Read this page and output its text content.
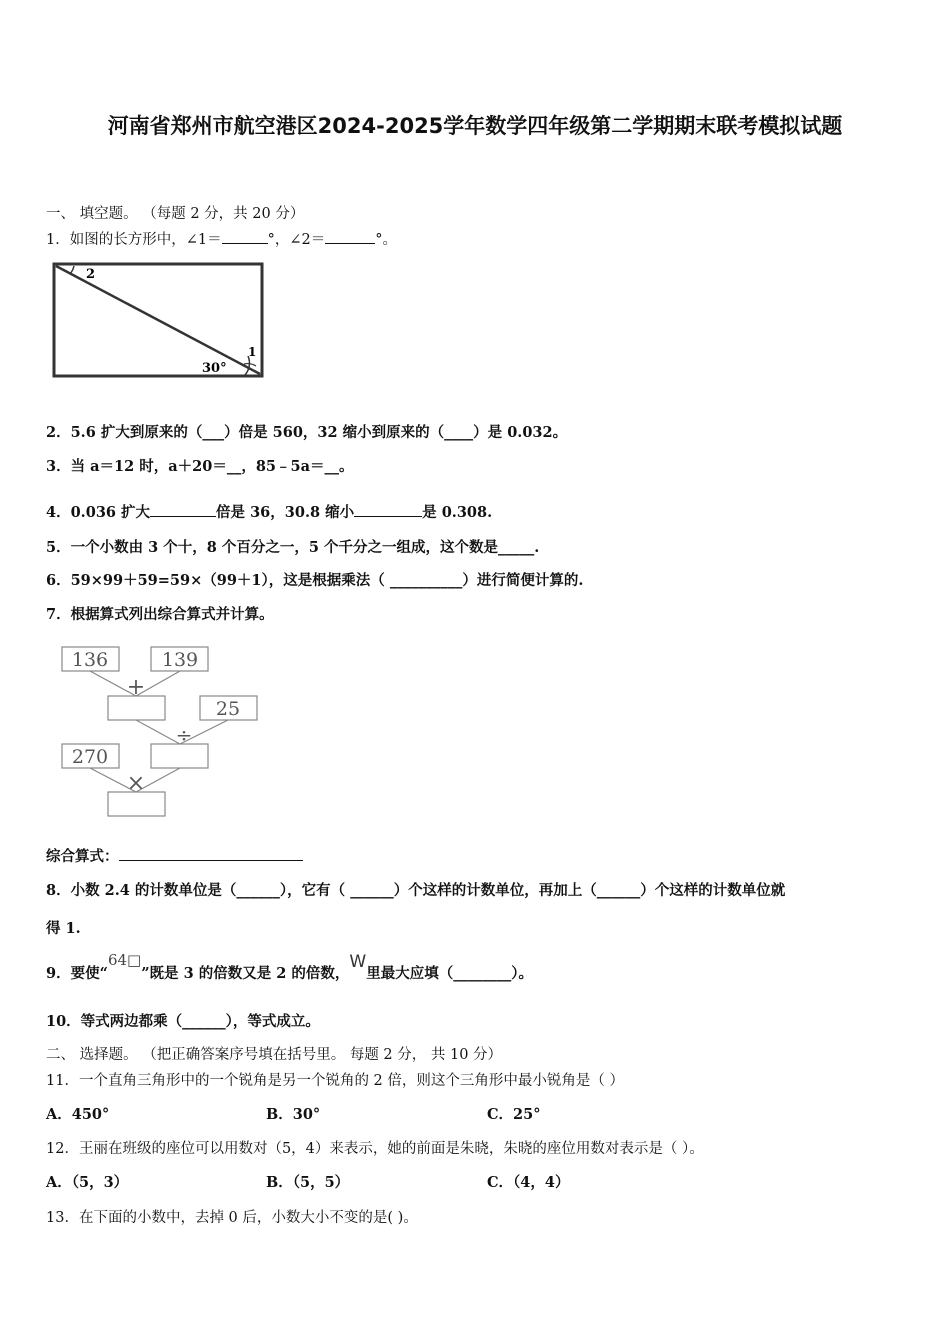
河南省郑州市航空港区2024-2025学年数学四年级第二学期期末联考模拟试题
一、 填空题。 （每题 2 分，共 20 分）
1．如图的长方形中，∠1＝	°，∠2＝	°。
2
1
30°
2．5.6 扩大到原来的（___）倍是 560，32 缩小到原来的（____）是 0.032。
3．当 a＝12 时，a＋20＝__，85﹣5a＝__。
4．0.036 扩大	倍是 36，30.8 缩小	是 0.308.
5．一个小数由 3 个十，8 个百分之一，5 个千分之一组成，这个数是_____.
6．59×99＋59=59×（99＋1），这是根据乘法（ __________）进行简便计算的.
7．根据算式列出综合算式并计算。
136	139
25
270
+
÷
×
综合算式：
8．小数 2.4 的计数单位是（______），它有（ ______）个这样的计数单位，再加上（______）个这样的计数单位就
得 1.
9．要使“64□”既是 3 的倍数又是 2 的倍数，W里最大应填（________）。
10．等式两边都乘（______），等式成立。
二、 选择题。 （把正确答案序号填在括号里。 每题 2 分， 共 10 分）
11．一个直角三角形中的一个锐角是另一个锐角的 2 倍，则这个三角形中最小锐角是（ ）
A．450°	B．30°	C．25°
12．王丽在班级的座位可以用数对（5，4）来表示，她的前面是朱晓，朱晓的座位用数对表示是（ ）。
A．（5，3）	B．（5，5）	C．（4，4）
13．在下面的小数中，去掉 0 后，小数大小不变的是( )。
